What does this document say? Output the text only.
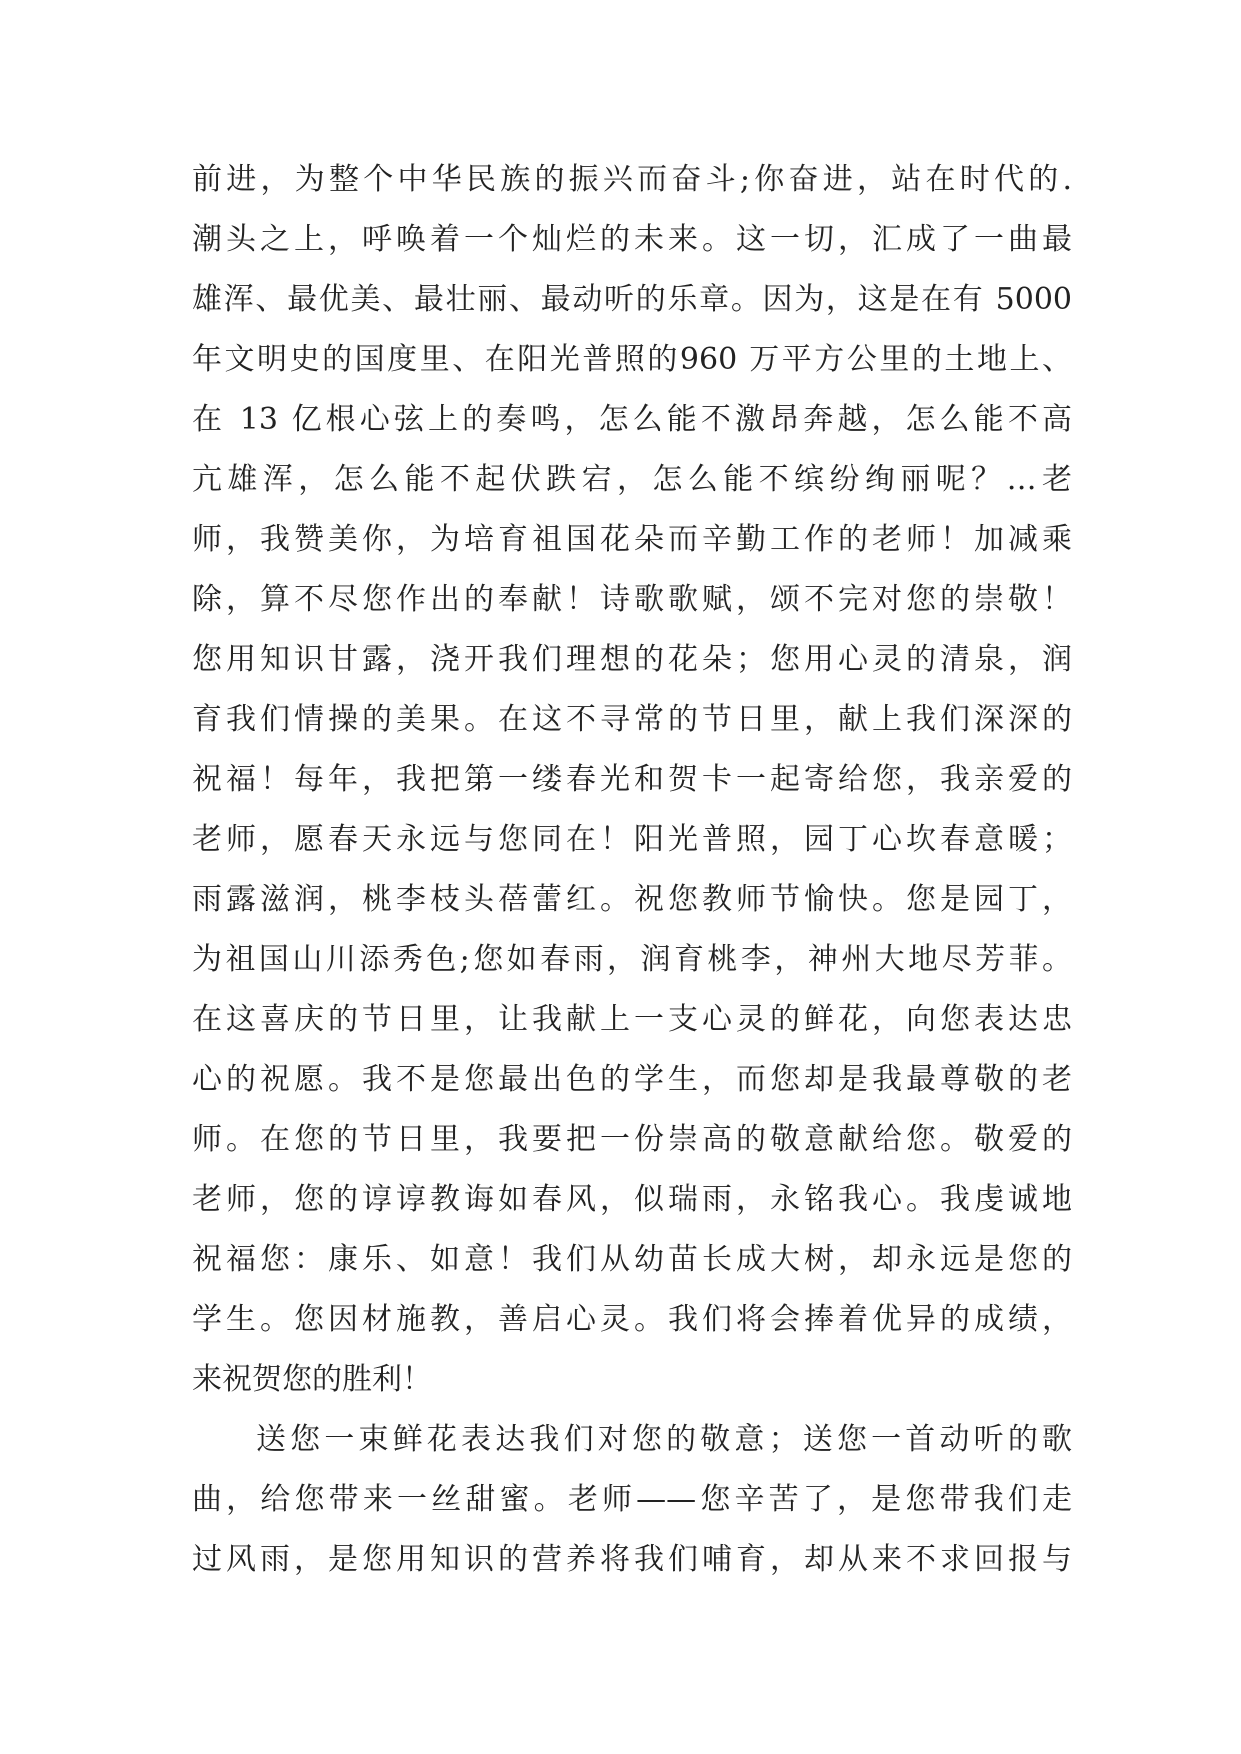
前进，为整个中华民族的振兴而奋斗;你奋进，站在时代的.
潮头之上，呼唤着一个灿烂的未来。这一切，汇成了一曲最
雄浑、最优美、最壮丽、最动听的乐章。因为，这是在有 5000
年文明史的国度里、在阳光普照的960 万平方公里的土地上、
在 13 亿根心弦上的奏鸣，怎么能不激昂奔越，怎么能不高
亢雄浑，怎么能不起伏跌宕，怎么能不缤纷绚丽呢？…老
师，我赞美你，为培育祖国花朵而辛勤工作的老师！加减乘
除，算不尽您作出的奉献！诗歌歌赋，颂不完对您的崇敬！
您用知识甘露，浇开我们理想的花朵；您用心灵的清泉，润
育我们情操的美果。在这不寻常的节日里，献上我们深深的
祝福！每年，我把第一缕春光和贺卡一起寄给您，我亲爱的
老师，愿春天永远与您同在！阳光普照，园丁心坎春意暖；
雨露滋润，桃李枝头蓓蕾红。祝您教师节愉快。您是园丁，
为祖国山川添秀色;您如春雨，润育桃李，神州大地尽芳菲。
在这喜庆的节日里，让我献上一支心灵的鲜花，向您表达忠
心的祝愿。我不是您最出色的学生，而您却是我最尊敬的老
师。在您的节日里，我要把一份崇高的敬意献给您。敬爱的
老师，您的谆谆教诲如春风，似瑞雨，永铭我心。我虔诚地
祝福您：康乐、如意！我们从幼苗长成大树，却永远是您的
学生。您因材施教，善启心灵。我们将会捧着优异的成绩，
来祝贺您的胜利！
送您一束鲜花表达我们对您的敬意；送您一首动听的歌
曲，给您带来一丝甜蜜。老师——您辛苦了，是您带我们走
过风雨，是您用知识的营养将我们哺育，却从来不求回报与
